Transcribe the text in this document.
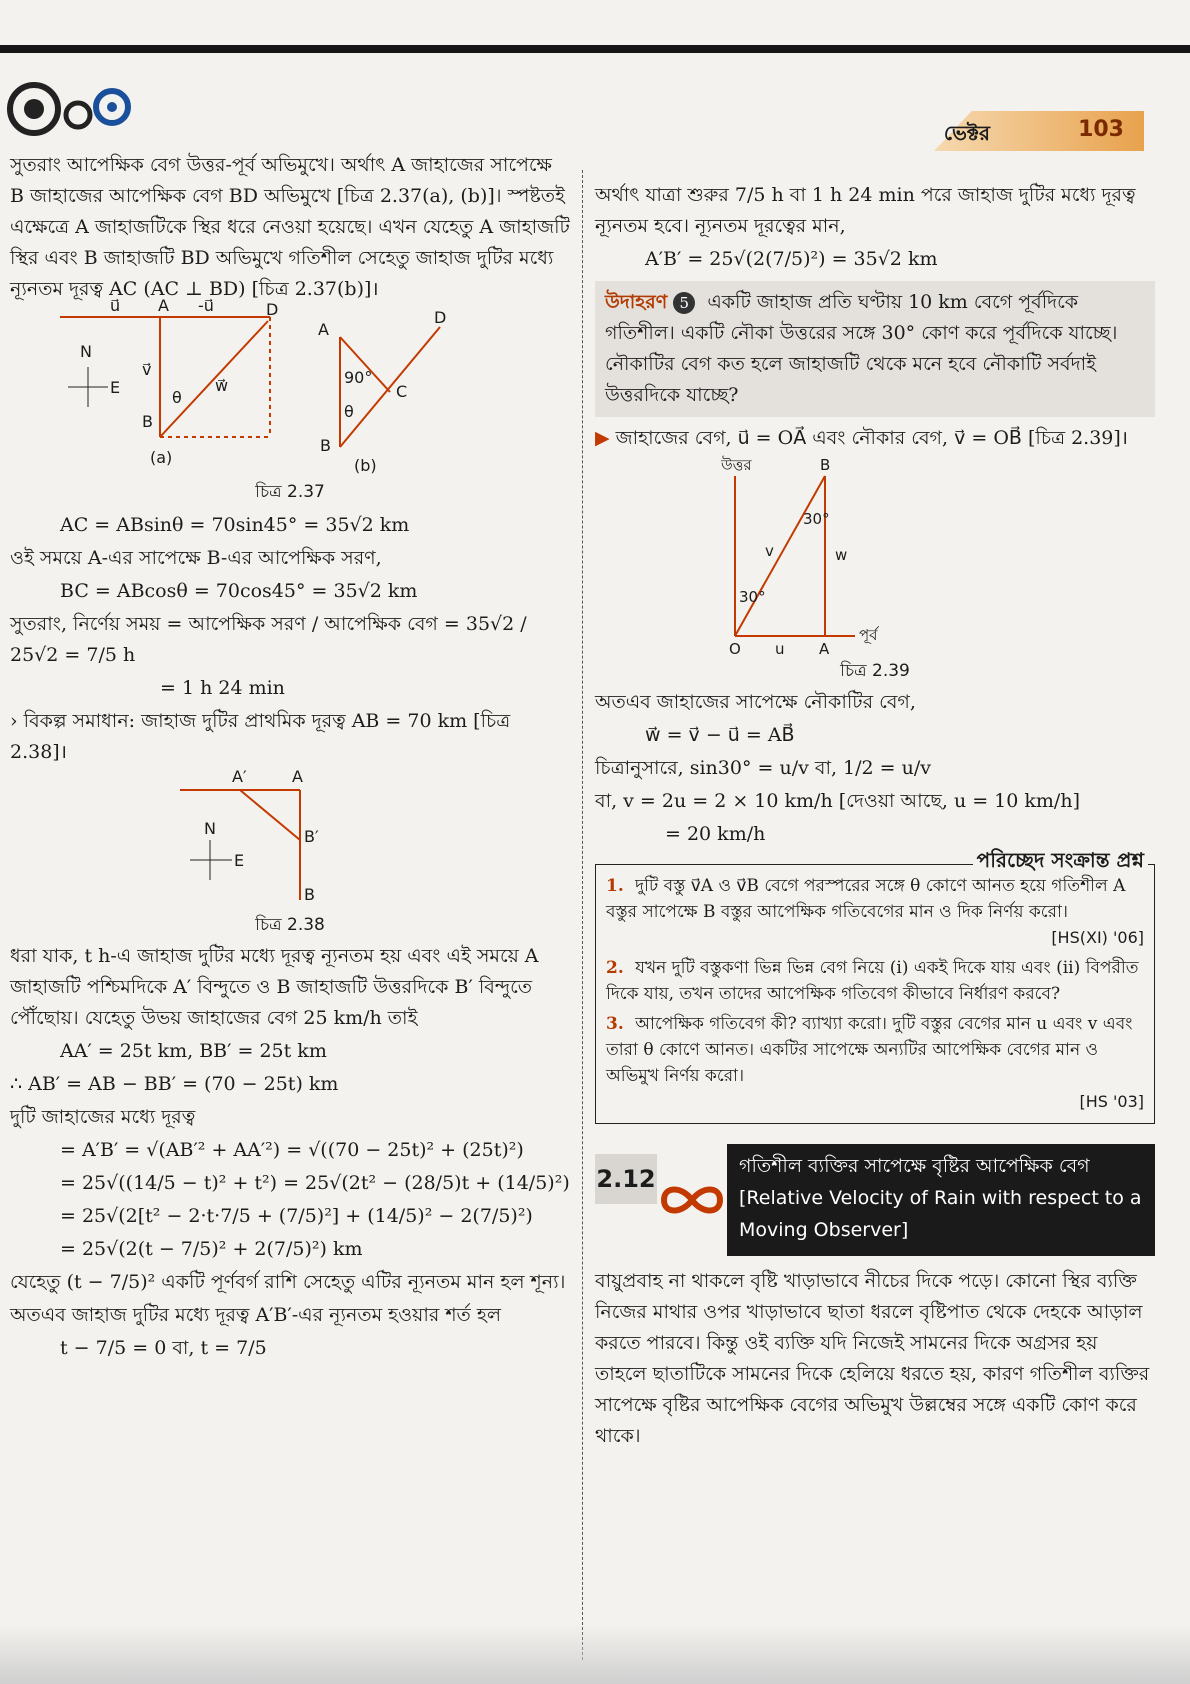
ভেক্টর	103

সুতরাং আপেক্ষিক বেগ উত্তর-পূর্ব অভিমুখে। অর্থাৎ A জাহাজের সাপেক্ষে B জাহাজের আপেক্ষিক বেগ BD অভিমুখে [চিত্র 2.37(a), (b)]। স্পষ্টতই এক্ষেত্রে A জাহাজটিকে স্থির ধরে নেওয়া হয়েছে। এখন যেহেতু A জাহাজটি স্থির এবং B জাহাজটি BD অভিমুখে গতিশীল সেহেতু জাহাজ দুটির মধ্যে ন্যূনতম দূরত্ব AC (AC ⊥ BD) [চিত্র 2.37(b)]।

u⃗ A -u⃗	D
N
E
v⃗
θ
w⃗
B
(a)
A
D
90°
C
θ
B
(b)
চিত্র 2.37
AC = ABsinθ = 70sin45° = 35√2 km

ওই সময়ে A-এর সাপেক্ষে B-এর আপেক্ষিক সরণ,

BC = ABcosθ = 70cos45° = 35√2 km
সুতরাং, নির্ণেয় সময় = আপেক্ষিক সরণ / আপেক্ষিক বেগ = 35√2 / 25√2 = 7/5 h
= 1 h 24 min

› বিকল্প সমাধান: জাহাজ দুটির প্রাথমিক দূরত্ব AB = 70 km [চিত্র 2.38]।

A′	A
B′
B
N
E
চিত্র 2.38

ধরা যাক, t h-এ জাহাজ দুটির মধ্যে দূরত্ব ন্যূনতম হয় এবং এই সময়ে A জাহাজটি পশ্চিমদিকে A′ বিন্দুতে ও B জাহাজটি উত্তরদিকে B′ বিন্দুতে পৌঁছোয়। যেহেতু উভয় জাহাজের বেগ 25 km/h তাই

AA′ = 25t km, BB′ = 25t km
∴ AB′ = AB − BB′ = (70 − 25t) km

দুটি জাহাজের মধ্যে দূরত্ব

= A′B′ = √(AB′² + AA′²) = √((70 − 25t)² + (25t)²)
= 25√((14/5 − t)² + t²) = 25√(2t² − (28/5)t + (14/5)²)
= 25√(2[t² − 2·t·7/5 + (7/5)²] + (14/5)² − 2(7/5)²)
= 25√(2(t − 7/5)² + 2(7/5)²) km

যেহেতু (t − 7/5)² একটি পূর্ণবর্গ রাশি সেহেতু এটির ন্যূনতম মান হল শূন্য।

অতএব জাহাজ দুটির মধ্যে দূরত্ব A′B′-এর ন্যূনতম হওয়ার শর্ত হল

t − 7/5 = 0 বা, t = 7/5

অর্থাৎ যাত্রা শুরুর 7/5 h বা 1 h 24 min পরে জাহাজ দুটির মধ্যে দূরত্ব ন্যূনতম হবে। ন্যূনতম দূরত্বের মান,

A′B′ = 25√(2(7/5)²) = 35√2 km
উদাহরণ 5 একটি জাহাজ প্রতি ঘণ্টায় 10 km বেগে পূর্বদিকে গতিশীল। একটি নৌকা উত্তরের সঙ্গে 30° কোণ করে পূর্বদিকে যাচ্ছে। নৌকাটির বেগ কত হলে জাহাজটি থেকে মনে হবে নৌকাটি সর্বদাই উত্তরদিকে যাচ্ছে?

▶ জাহাজের বেগ, u⃗ = OA⃗ এবং নৌকার বেগ, v⃗ = OB⃗ [চিত্র 2.39]।

উত্তর	B
30°
v	w
30°
O u A
পূর্ব
চিত্র 2.39

অতএব জাহাজের সাপেক্ষে নৌকাটির বেগ,

w⃗ = v⃗ − u⃗ = AB⃗
চিত্রানুসারে, sin30° = u/v বা, 1/2 = u/v
বা, v = 2u = 2 × 10 km/h [দেওয়া আছে, u = 10 km/h]
= 20 km/h
পরিচ্ছেদ সংক্রান্ত প্রশ্ন
1. দুটি বস্তু v⃗A ও v⃗B বেগে পরস্পরের সঙ্গে θ কোণে আনত হয়ে গতিশীল A বস্তুর সাপেক্ষে B বস্তুর আপেক্ষিক গতিবেগের মান ও দিক নির্ণয় করো।
[HS(XI) '06]
2. যখন দুটি বস্তুকণা ভিন্ন ভিন্ন বেগ নিয়ে (i) একই দিকে যায় এবং (ii) বিপরীত দিকে যায়, তখন তাদের আপেক্ষিক গতিবেগ কীভাবে নির্ধারণ করবে?
3. আপেক্ষিক গতিবেগ কী? ব্যাখ্যা করো। দুটি বস্তুর বেগের মান u এবং v এবং তারা θ কোণে আনত। একটির সাপেক্ষে অন্যটির আপেক্ষিক বেগের মান ও অভিমুখ নির্ণয় করো।
[HS '03]
2.12	গতিশীল ব্যক্তির সাপেক্ষে বৃষ্টির আপেক্ষিক বেগ
[Relative Velocity of Rain with respect to a Moving Observer]

বায়ুপ্রবাহ না থাকলে বৃষ্টি খাড়াভাবে নীচের দিকে পড়ে। কোনো স্থির ব্যক্তি নিজের মাথার ওপর খাড়াভাবে ছাতা ধরলে বৃষ্টিপাত থেকে দেহকে আড়াল করতে পারবে। কিন্তু ওই ব্যক্তি যদি নিজেই সামনের দিকে অগ্রসর হয় তাহলে ছাতাটিকে সামনের দিকে হেলিয়ে ধরতে হয়, কারণ গতিশীল ব্যক্তির সাপেক্ষে বৃষ্টির আপেক্ষিক বেগের অভিমুখ উল্লম্বের সঙ্গে একটি কোণ করে থাকে।
